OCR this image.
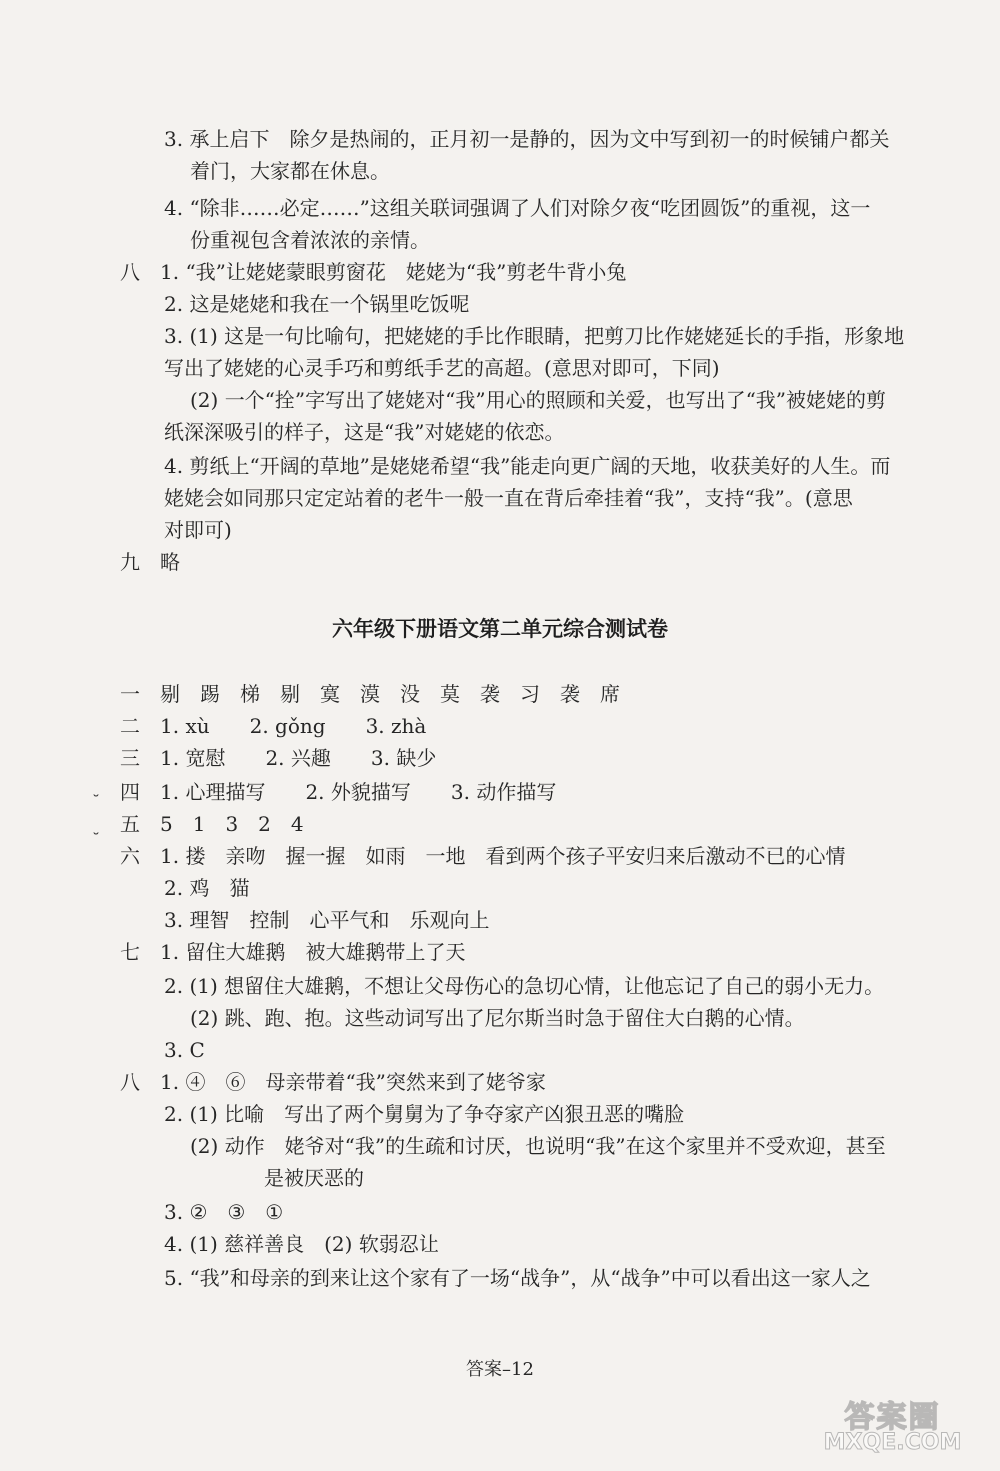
3. 承上启下　除夕是热闹的，正月初一是静的，因为文中写到初一的时候铺户都关
着门，大家都在休息。
4. “除非……必定……”这组关联词强调了人们对除夕夜“吃团圆饭”的重视，这一
份重视包含着浓浓的亲情。
八　1. “我”让姥姥蒙眼剪窗花　姥姥为“我”剪老牛背小兔
2. 这是姥姥和我在一个锅里吃饭呢
3. (1) 这是一句比喻句，把姥姥的手比作眼睛，把剪刀比作姥姥延长的手指，形象地
写出了姥姥的心灵手巧和剪纸手艺的高超。(意思对即可，下同)
(2) 一个“拴”字写出了姥姥对“我”用心的照顾和关爱，也写出了“我”被姥姥的剪
纸深深吸引的样子，这是“我”对姥姥的依恋。
4. 剪纸上“开阔的草地”是姥姥希望“我”能走向更广阔的天地，收获美好的人生。而
姥姥会如同那只定定站着的老牛一般一直在背后牵挂着“我”，支持“我”。(意思
对即可)
九　略
六年级下册语文第二单元综合测试卷
一　剔　踢　梯　剔　寞　漠　没　莫　袭　习　袭　席
二　1. xù　　2. gǒng　　3. zhà
三　1. 宽慰　　2. 兴趣　　3. 缺少
四　1. 心理描写　　2. 外貌描写　　3. 动作描写
五　5　1　3　2　4
六　1. 搂　亲吻　握一握　如雨　一地　看到两个孩子平安归来后激动不已的心情
2. 鸡　猫
3. 理智　控制　心平气和　乐观向上
七　1. 留住大雄鹅　被大雄鹅带上了天
2. (1) 想留住大雄鹅，不想让父母伤心的急切心情，让他忘记了自己的弱小无力。
(2) 跳、跑、抱。这些动词写出了尼尔斯当时急于留住大白鹅的心情。
3. C
八　1. ④　⑥　母亲带着“我”突然来到了姥爷家
2. (1) 比喻　写出了两个舅舅为了争夺家产凶狠丑恶的嘴脸
(2) 动作　姥爷对“我”的生疏和讨厌，也说明“我”在这个家里并不受欢迎，甚至
是被厌恶的
3. ②　③　①
4. (1) 慈祥善良　(2) 软弱忍让
5. “我”和母亲的到来让这个家有了一场“战争”，从“战争”中可以看出这一家人之
˘
˘
答案–12
答案圈
MXQE.COM
